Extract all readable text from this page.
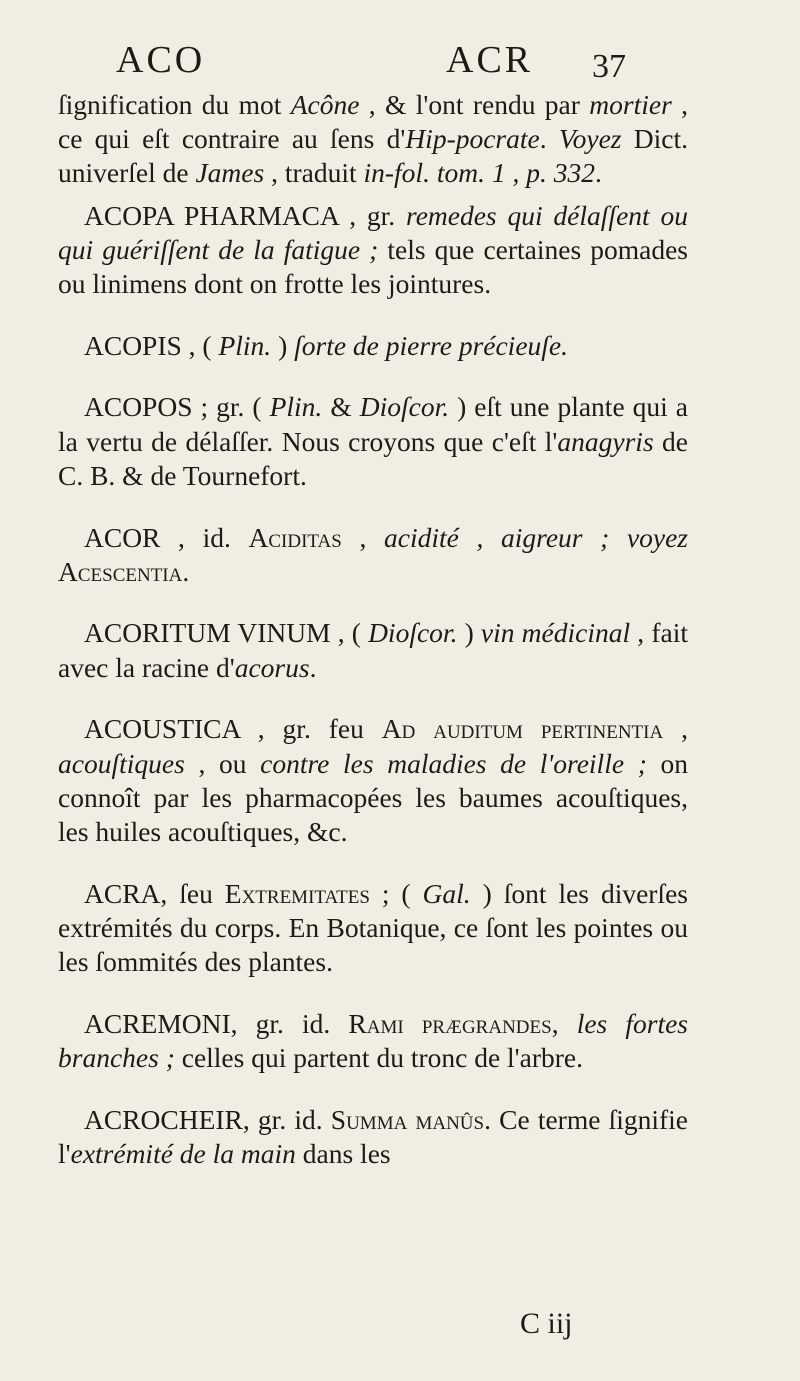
ACO	ACR 37

ſignification du mot Acône , & l'ont rendu par mortier , ce qui eſt contraire au ſens d'Hip-pocrate. Voyez Dict. univerſel de James , traduit in-fol. tom. 1 , p. 332.

ACOPA PHARMACA , gr. remedes qui délaſſent ou qui guériſſent de la fatigue ; tels que certaines pomades ou linimens dont on frotte les jointures.

ACOPIS , ( Plin. ) ſorte de pierre précieuſe.

ACOPOS ; gr. ( Plin. & Dioſcor. ) eſt une plante qui a la vertu de délaſſer. Nous croyons que c'eſt l'anagyris de C. B. & de Tournefort.

ACOR , id. Aciditas , acidité , aigreur ; voyez Acescentia.

ACORITUM VINUM , ( Dioſcor. ) vin médicinal , fait avec la racine d'acorus.

ACOUSTICA , gr. feu Ad auditum pertinentia , acouſtiques , ou contre les maladies de l'oreille ; on connoît par les pharmacopées les baumes acouſtiques, les huiles acouſtiques, &c.

ACRA, ſeu Extremitates ; ( Gal. ) ſont les diverſes extrémités du corps. En Botanique, ce ſont les pointes ou les ſommités des plantes.

ACREMONI, gr. id. Rami prægrandes, les fortes branches ; celles qui partent du tronc de l'arbre.

ACROCHEIR, gr. id. Summa manûs. Ce terme ſignifie l'extrémité de la main dans les

C iij
